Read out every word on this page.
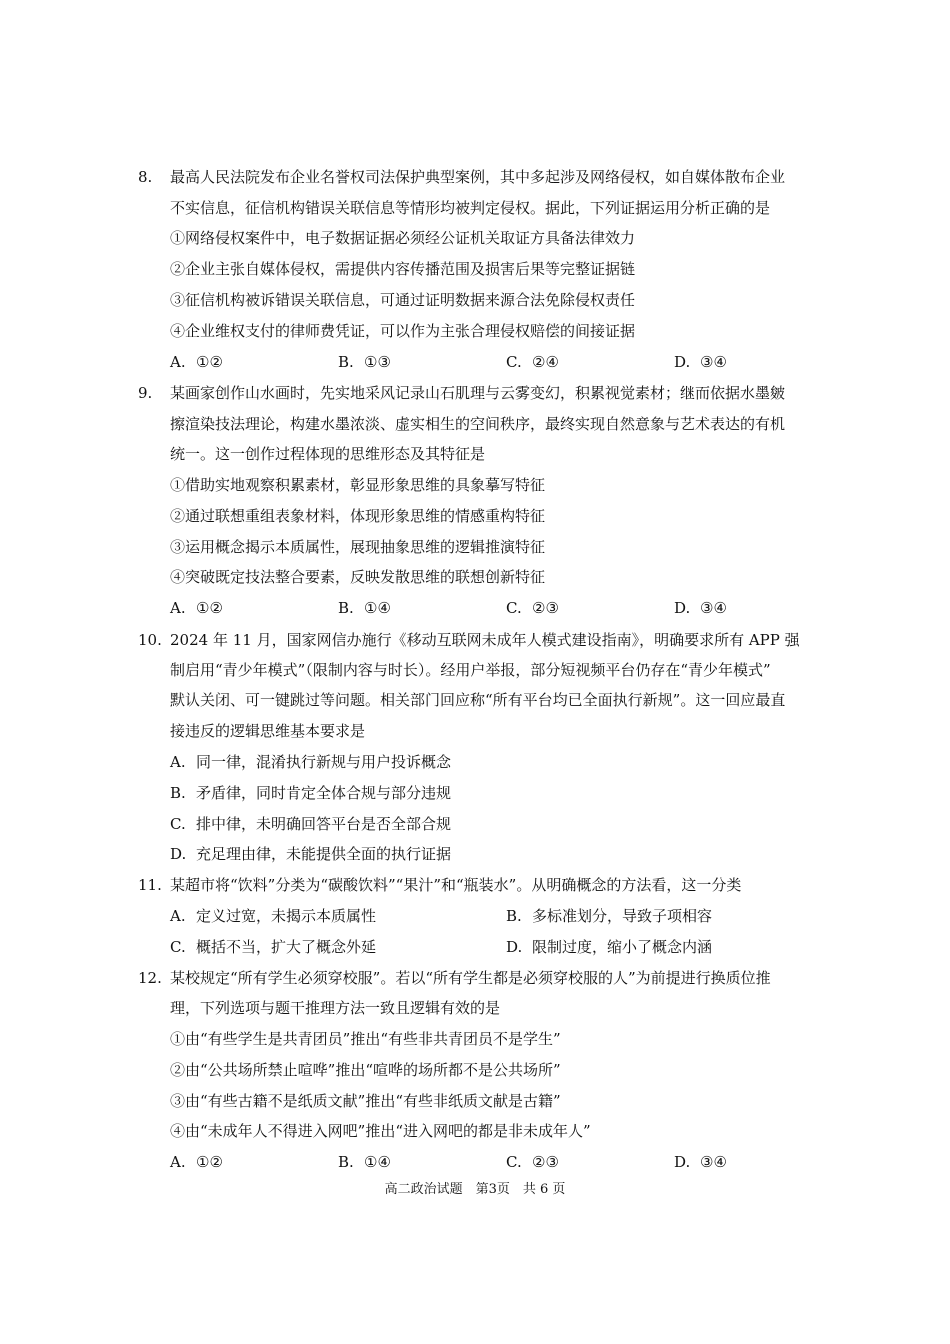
8. 最高人民法院发布企业名誉权司法保护典型案例，其中多起涉及网络侵权，如自媒体散布企业
不实信息，征信机构错误关联信息等情形均被判定侵权。据此，下列证据运用分析正确的是
①网络侵权案件中，电子数据证据必须经公证机关取证方具备法律效力
②企业主张自媒体侵权，需提供内容传播范围及损害后果等完整证据链
③征信机构被诉错误关联信息，可通过证明数据来源合法免除侵权责任
④企业维权支付的律师费凭证，可以作为主张合理侵权赔偿的间接证据
A. ①②	B. ①③	C. ②④	D. ③④
9. 某画家创作山水画时，先实地采风记录山石肌理与云雾变幻，积累视觉素材；继而依据水墨皴
擦渲染技法理论，构建水墨浓淡、虚实相生的空间秩序，最终实现自然意象与艺术表达的有机
统一。这一创作过程体现的思维形态及其特征是
①借助实地观察积累素材，彰显形象思维的具象摹写特征
②通过联想重组表象材料，体现形象思维的情感重构特征
③运用概念揭示本质属性，展现抽象思维的逻辑推演特征
④突破既定技法整合要素，反映发散思维的联想创新特征
A. ①②	B. ①④	C. ②③	D. ③④
10. 2024 年 11 月，国家网信办施行《移动互联网未成年人模式建设指南》，明确要求所有 APP 强
制启用“青少年模式”（限制内容与时长）。经用户举报，部分短视频平台仍存在“青少年模式”
默认关闭、可一键跳过等问题。相关部门回应称“所有平台均已全面执行新规”。这一回应最直
接违反的逻辑思维基本要求是
A. 同一律，混淆执行新规与用户投诉概念
B. 矛盾律，同时肯定全体合规与部分违规
C. 排中律，未明确回答平台是否全部合规
D. 充足理由律，未能提供全面的执行证据
11. 某超市将“饮料”分类为“碳酸饮料”“果汁”和“瓶装水”。从明确概念的方法看，这一分类
A. 定义过宽，未揭示本质属性	B. 多标准划分，导致子项相容
C. 概括不当，扩大了概念外延	D. 限制过度，缩小了概念内涵
12. 某校规定“所有学生必须穿校服”。若以“所有学生都是必须穿校服的人”为前提进行换质位推
理，下列选项与题干推理方法一致且逻辑有效的是
①由“有些学生是共青团员”推出“有些非共青团员不是学生”
②由“公共场所禁止喧哗”推出“喧哗的场所都不是公共场所”
③由“有些古籍不是纸质文献”推出“有些非纸质文献是古籍”
④由“未成年人不得进入网吧”推出“进入网吧的都是非未成年人”
A. ①②	B. ①④	C. ②③	D. ③④
高二政治试题　第3页　共 6 页
